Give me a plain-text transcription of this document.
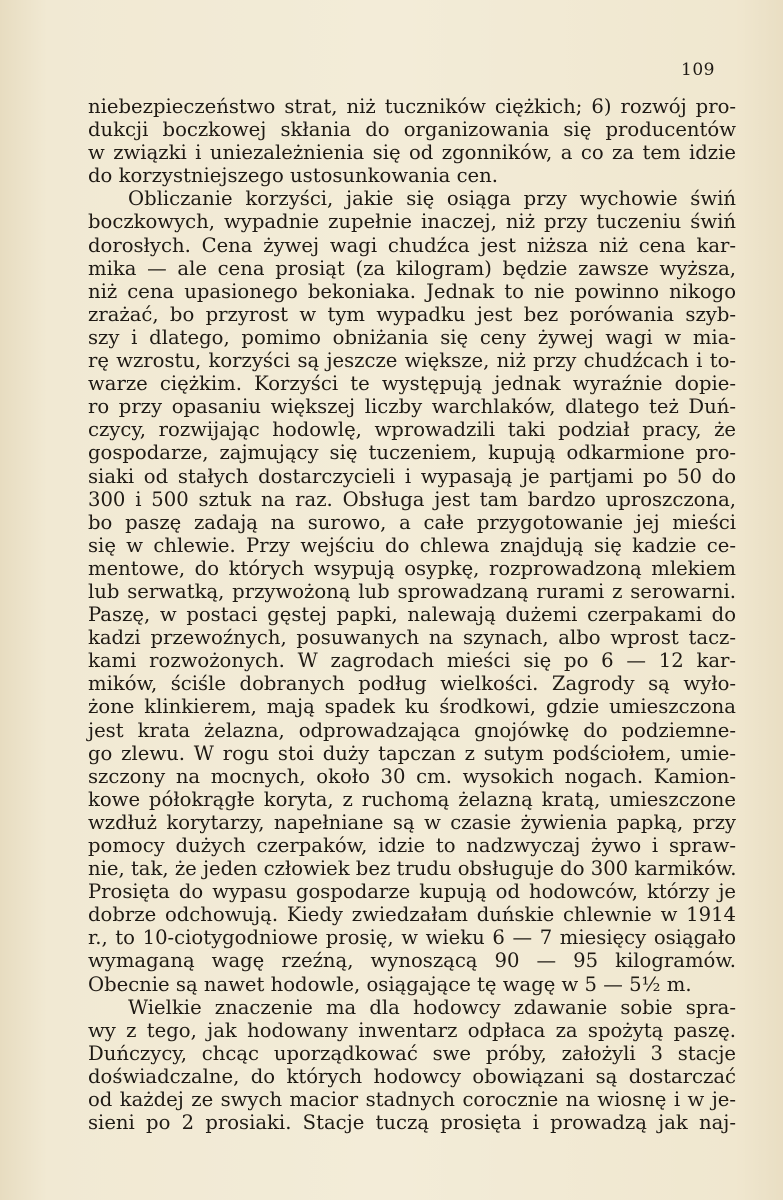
109
niebezpieczeństwo strat, niż tuczników ciężkich; 6) rozwój pro-
dukcji boczkowej skłania do organizowania się producentów
w związki i uniezależnienia się od zgonników, a co za tem idzie
do korzystniejszego ustosunkowania cen.
Obliczanie korzyści, jakie się osiąga przy wychowie świń
boczkowych, wypadnie zupełnie inaczej, niż przy tuczeniu świń
dorosłych. Cena żywej wagi chudźca jest niższa niż cena kar-
mika — ale cena prosiąt (za kilogram) będzie zawsze wyższa,
niż cena upasionego bekoniaka. Jednak to nie powinno nikogo
zrażać, bo przyrost w tym wypadku jest bez porówania szyb-
szy i dlatego, pomimo obniżania się ceny żywej wagi w mia-
rę wzrostu, korzyści są jeszcze większe, niż przy chudźcach i to-
warze ciężkim. Korzyści te występują jednak wyraźnie dopie-
ro przy opasaniu większej liczby warchlaków, dlatego też Duń-
czycy, rozwijając hodowlę, wprowadzili taki podział pracy, że
gospodarze, zajmujący się tuczeniem, kupują odkarmione pro-
siaki od stałych dostarczycieli i wypasają je partjami po 50 do
300 i 500 sztuk na raz. Obsługa jest tam bardzo uproszczona,
bo paszę zadają na surowo, a całe przygotowanie jej mieści
się w chlewie. Przy wejściu do chlewa znajdują się kadzie ce-
mentowe, do których wsypują osypkę, rozprowadzoną mlekiem
lub serwatką, przywożoną lub sprowadzaną rurami z serowarni.
Paszę, w postaci gęstej papki, nalewają dużemi czerpakami do
kadzi przewoźnych, posuwanych na szynach, albo wprost tacz-
kami rozwożonych. W zagrodach mieści się po 6 — 12 kar-
mików, ściśle dobranych podług wielkości. Zagrody są wyło-
żone klinkierem, mają spadek ku środkowi, gdzie umieszczona
jest krata żelazna, odprowadzająca gnojówkę do podziemne-
go zlewu. W rogu stoi duży tapczan z sutym podściołem, umie-
szczony na mocnych, około 30 cm. wysokich nogach. Kamion-
kowe półokrągłe koryta, z ruchomą żelazną kratą, umieszczone
wzdłuż korytarzy, napełniane są w czasie żywienia papką, przy
pomocy dużych czerpaków, idzie to nadzwyczaj żywo i spraw-
nie, tak, że jeden człowiek bez trudu obsługuje do 300 karmików.
Prosięta do wypasu gospodarze kupują od hodowców, którzy je
dobrze odchowują. Kiedy zwiedzałam duńskie chlewnie w 1914
r., to 10-ciotygodniowe prosię, w wieku 6 — 7 miesięcy osiągało
wymaganą wagę rzeźną, wynoszącą 90 — 95 kilogramów.
Obecnie są nawet hodowle, osiągające tę wagę w 5 — 5½ m.
Wielkie znaczenie ma dla hodowcy zdawanie sobie spra-
wy z tego, jak hodowany inwentarz odpłaca za spożytą paszę.
Duńczycy, chcąc uporządkować swe próby, założyli 3 stacje
doświadczalne, do których hodowcy obowiązani są dostarczać
od każdej ze swych macior stadnych corocznie na wiosnę i w je-
sieni po 2 prosiaki. Stacje tuczą prosięta i prowadzą jak naj-
